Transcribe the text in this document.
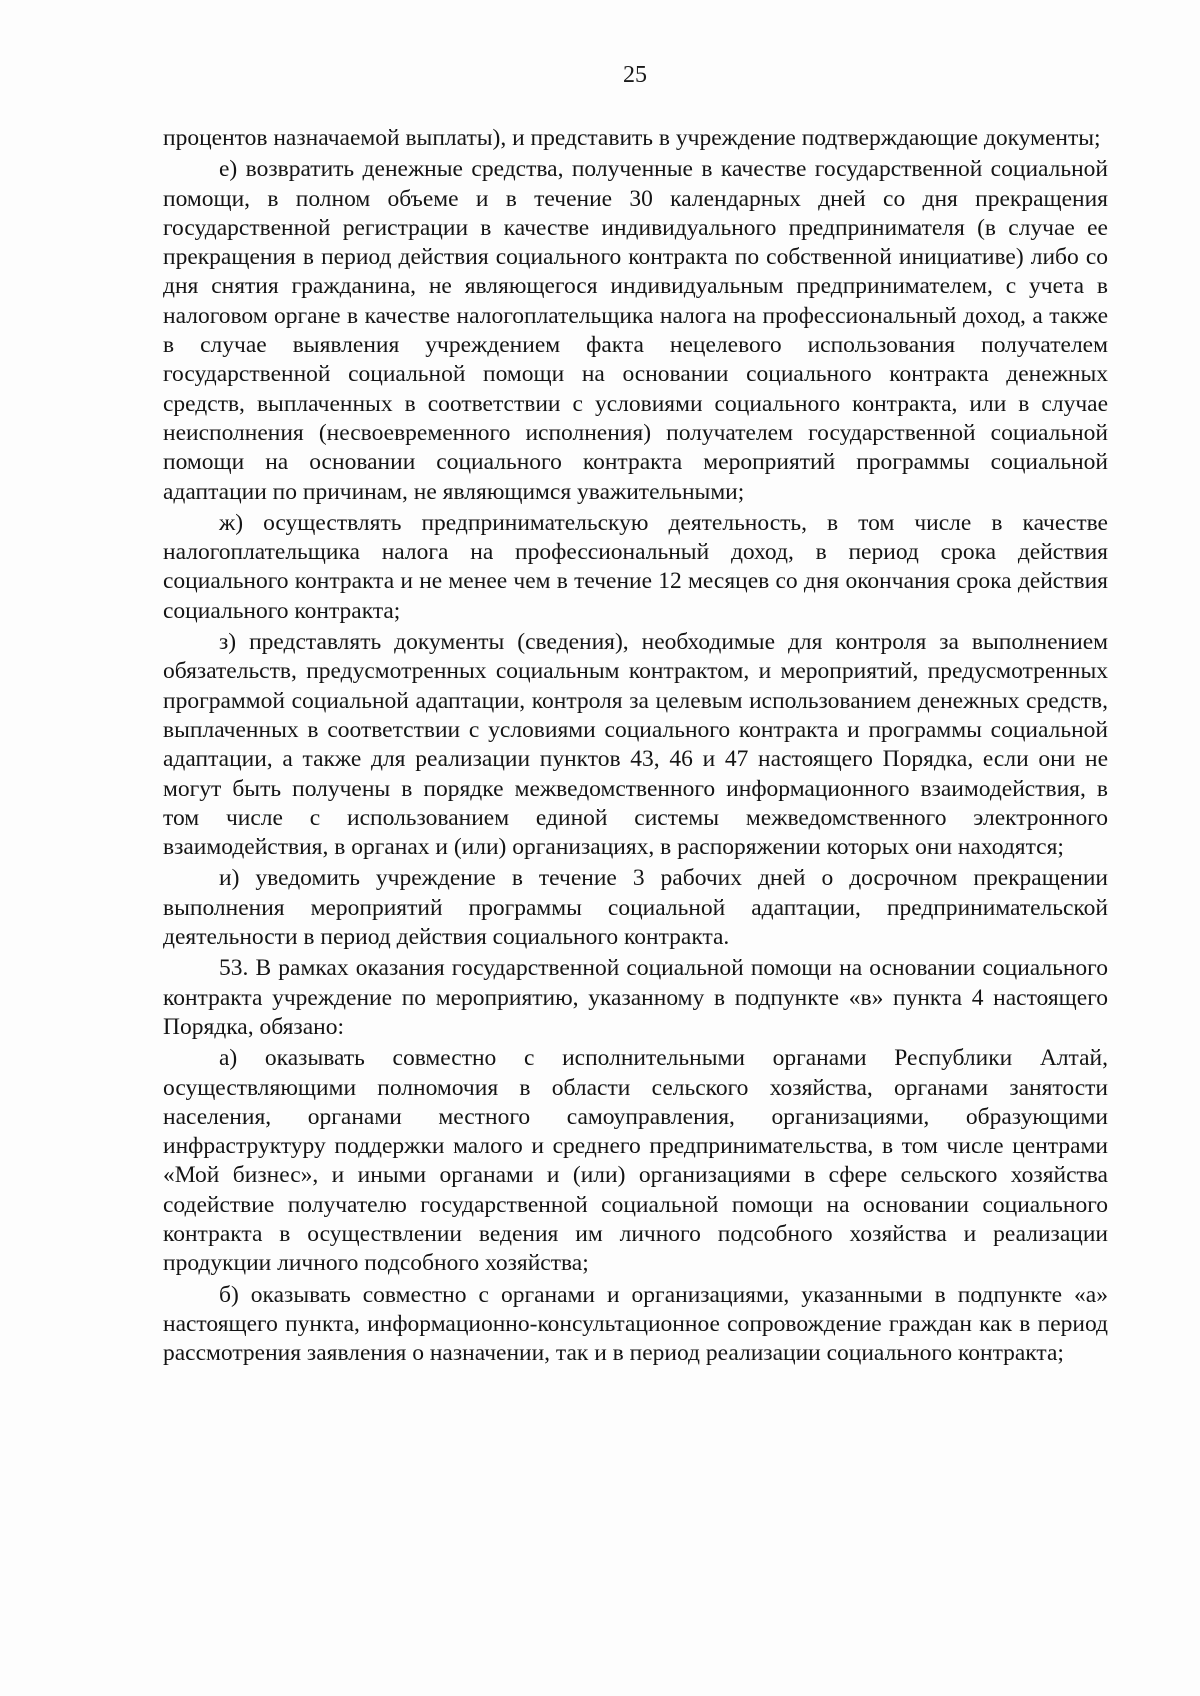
25

процентов назначаемой выплаты), и представить в учреждение подтверждающие документы;

е) возвратить денежные средства, полученные в качестве государственной социальной помощи, в полном объеме и в течение 30 календарных дней со дня прекращения государственной регистрации в качестве индивидуального предпринимателя (в случае ее прекращения в период действия социального контракта по собственной инициативе) либо со дня снятия гражданина, не являющегося индивидуальным предпринимателем, с учета в налоговом органе в качестве налогоплательщика налога на профессиональный доход, а также в случае выявления учреждением факта нецелевого использования получателем государственной социальной помощи на основании социального контракта денежных средств, выплаченных в соответствии с условиями социального контракта, или в случае неисполнения (несвоевременного исполнения) получателем государственной социальной помощи на основании социального контракта мероприятий программы социальной адаптации по причинам, не являющимся уважительными;

ж) осуществлять предпринимательскую деятельность, в том числе в качестве налогоплательщика налога на профессиональный доход, в период срока действия социального контракта и не менее чем в течение 12 месяцев со дня окончания срока действия социального контракта;

з) представлять документы (сведения), необходимые для контроля за выполнением обязательств, предусмотренных социальным контрактом, и мероприятий, предусмотренных программой социальной адаптации, контроля за целевым использованием денежных средств, выплаченных в соответствии с условиями социального контракта и программы социальной адаптации, а также для реализации пунктов 43, 46 и 47 настоящего Порядка, если они не могут быть получены в порядке межведомственного информационного взаимодействия, в том числе с использованием единой системы межведомственного электронного взаимодействия, в органах и (или) организациях, в распоряжении которых они находятся;

и) уведомить учреждение в течение 3 рабочих дней о досрочном прекращении выполнения мероприятий программы социальной адаптации, предпринимательской деятельности в период действия социального контракта.

53. В рамках оказания государственной социальной помощи на основании социального контракта учреждение по мероприятию, указанному в подпункте «в» пункта 4 настоящего Порядка, обязано:

а) оказывать совместно с исполнительными органами Республики Алтай, осуществляющими полномочия в области сельского хозяйства, органами занятости населения, органами местного самоуправления, организациями, образующими инфраструктуру поддержки малого и среднего предпринимательства, в том числе центрами «Мой бизнес», и иными органами и (или) организациями в сфере сельского хозяйства содействие получателю государственной социальной помощи на основании социального контракта в осуществлении ведения им личного подсобного хозяйства и реализации продукции личного подсобного хозяйства;

б) оказывать совместно с органами и организациями, указанными в подпункте «а» настоящего пункта, информационно-консультационное сопровождение граждан как в период рассмотрения заявления о назначении, так и в период реализации социального контракта;
